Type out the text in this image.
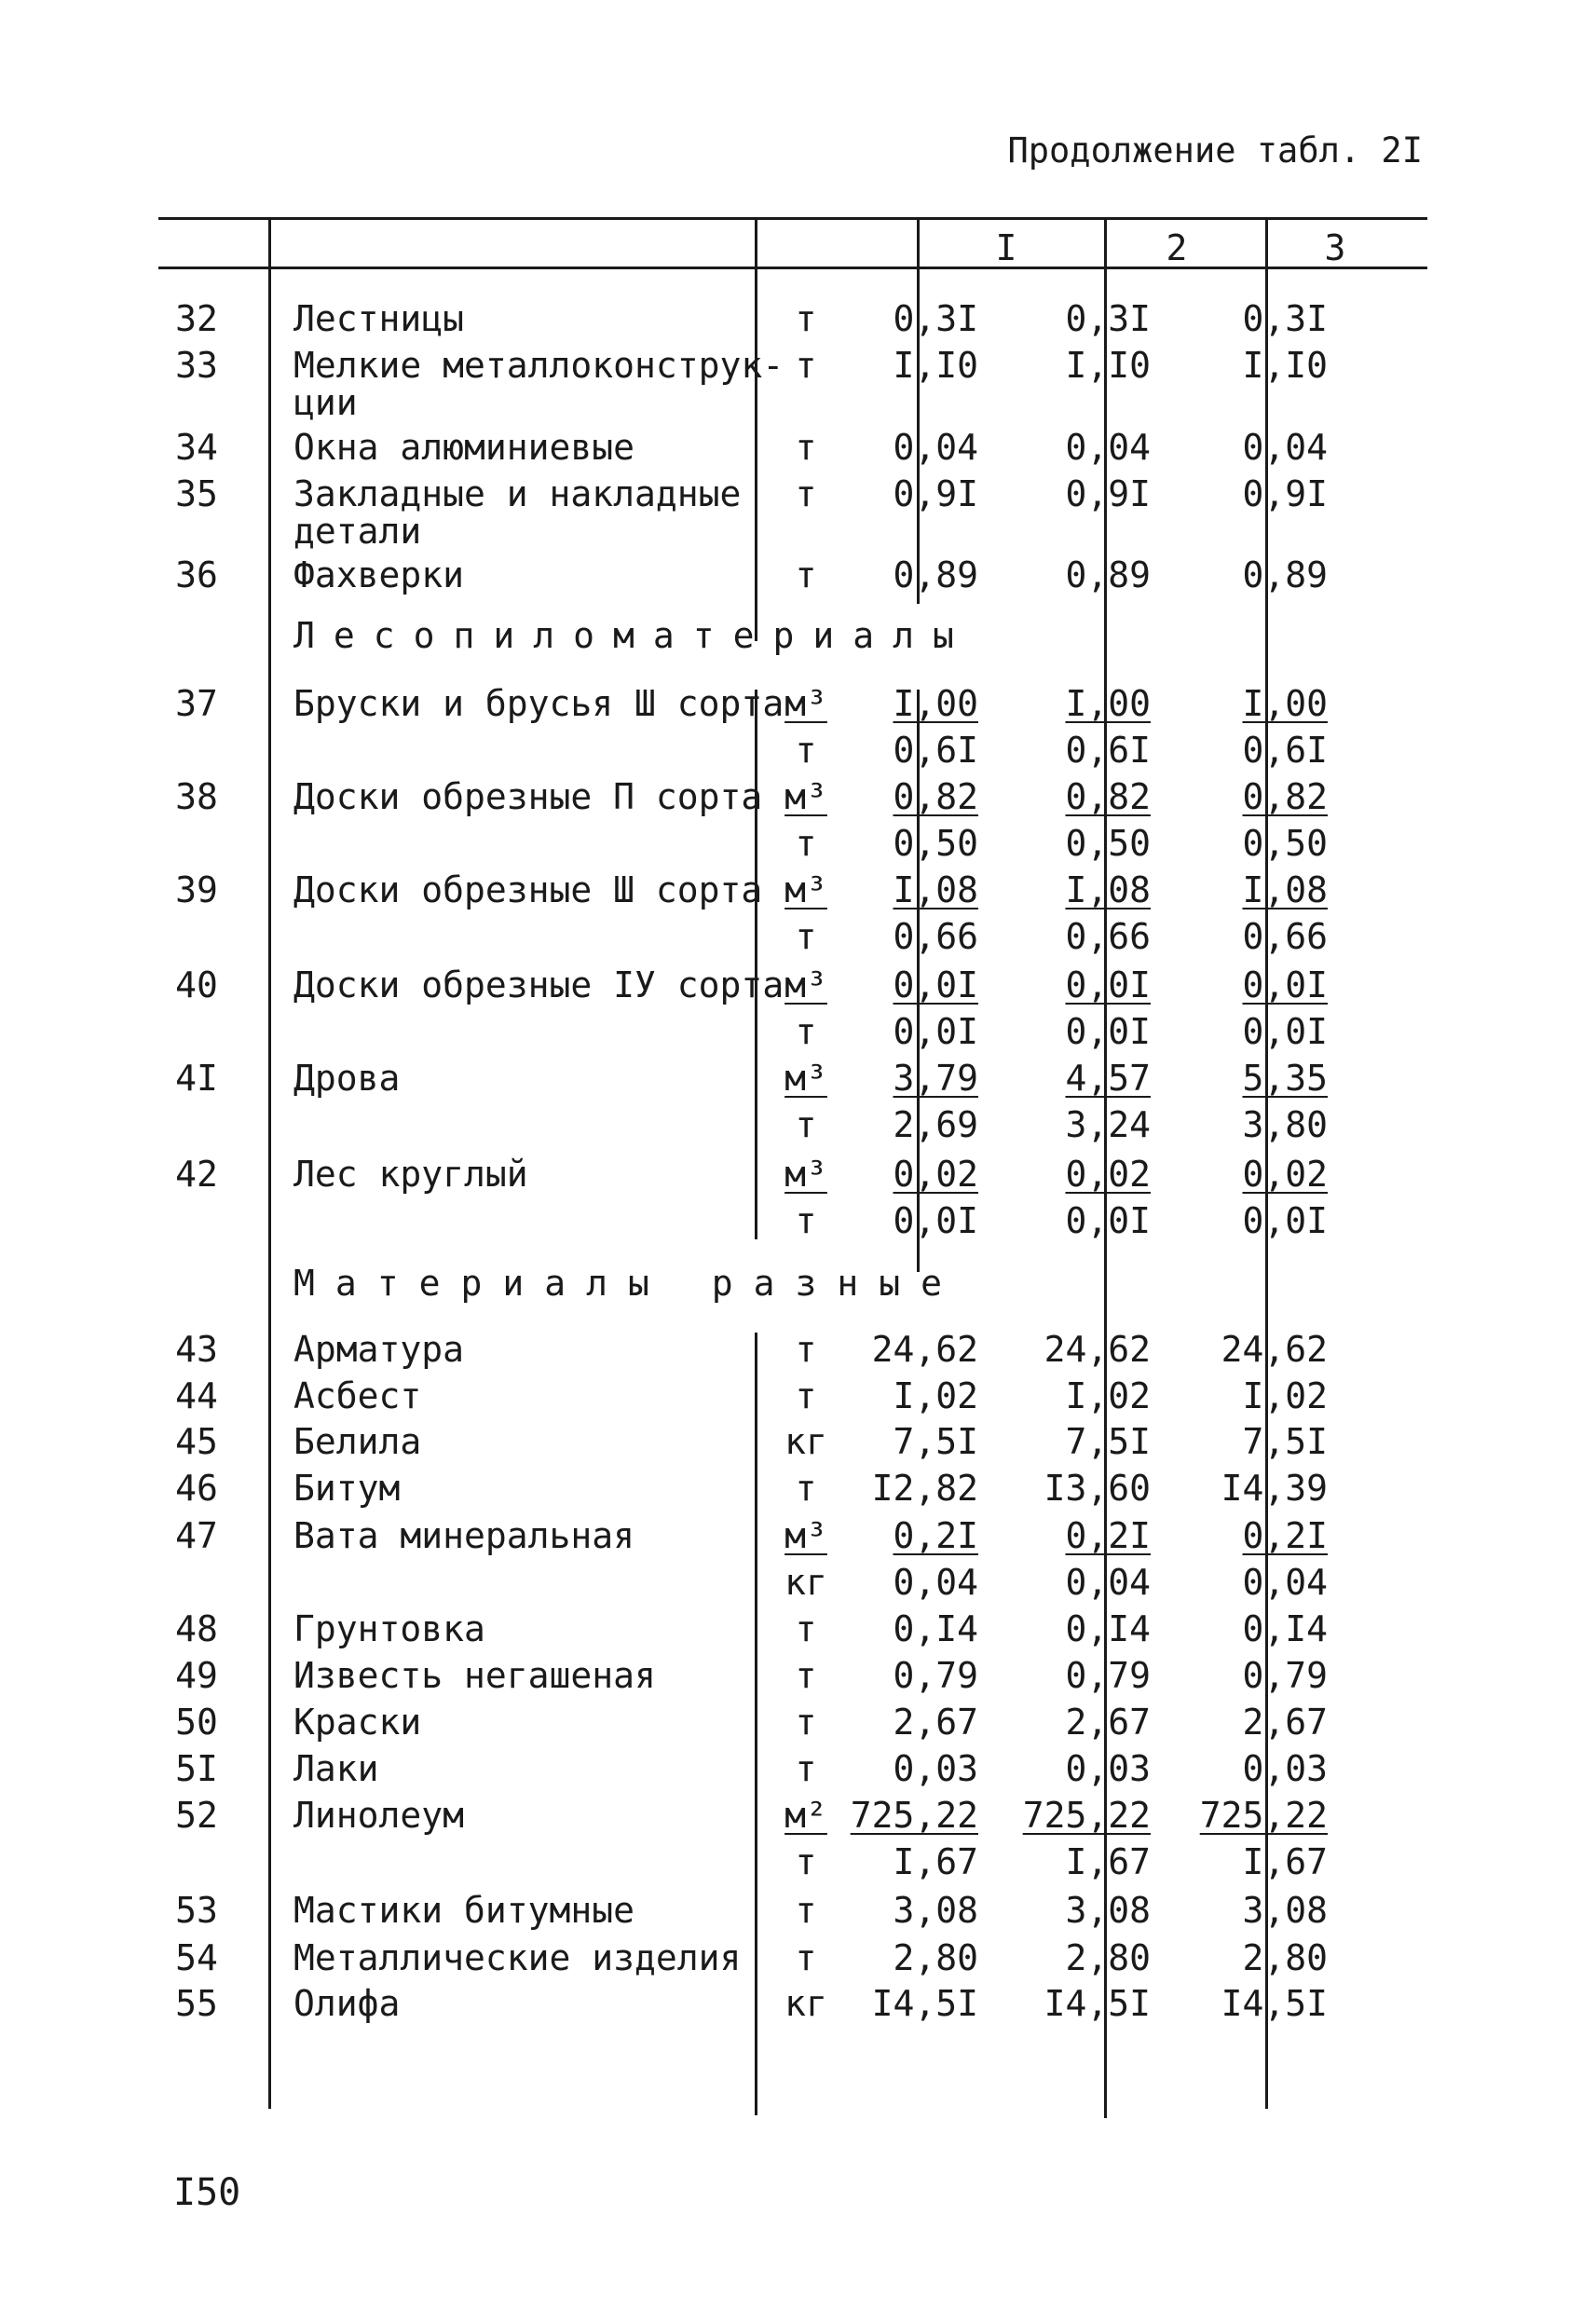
Продолжение табл. 2I
I	2	3
32	Лестницы	т	0,3I	0,3I	0,3I
33	Мелкие металлоконструк-
ции
т	I,I0	I,I0	I,I0
34	Окна алюминиевые	т	0,04	0,04	0,04
35	Закладные и накладные
детали
т	0,9I	0,9I	0,9I
36	Фахверки	т	0,89	0,89	0,89
Лесопиломатериалы
37	Бруски и брусья Ш сорта м³	I,00	I,00	I,00
т	0,6I	0,6I	0,6I
38	Доски обрезные П сорта м³	0,82	0,82	0,82
т	0,50	0,50	0,50
39	Доски обрезные Ш сорта м³	I,08	I,08	I,08
т	0,66	0,66	0,66
40	Доски обрезные IУ сорта м³	0,0I	0,0I	0,0I
т	0,0I	0,0I	0,0I
4I	Дрова	м³	3,79	4,57	5,35
т	2,69	3,24	3,80
42	Лес круглый	м³	0,02	0,02	0,02
т	0,0I	0,0I	0,0I
Материалы разные
43	Арматура	т	24,62	24,62	24,62
44	Асбест	т	I,02	I,02	I,02
45	Белила	кг	7,5I	7,5I	7,5I
46	Битум	т	I2,82	I3,60	I4,39
47	Вата минеральная	м³	0,2I	0,2I	0,2I
кг	0,04	0,04	0,04
48	Грунтовка	т	0,I4	0,I4	0,I4
49	Известь негашеная	т	0,79	0,79	0,79
50	Краски	т	2,67	2,67	2,67
5I	Лаки	т	0,03	0,03	0,03
52	Линолеум	м² 725,22	725,22	725,22
т	I,67	I,67	I,67
53	Мастики битумные	т	3,08	3,08	3,08
54	Металлические изделия	т	2,80	2,80	2,80
55	Олифа	кг	I4,5I	I4,5I	I4,5I
I50
